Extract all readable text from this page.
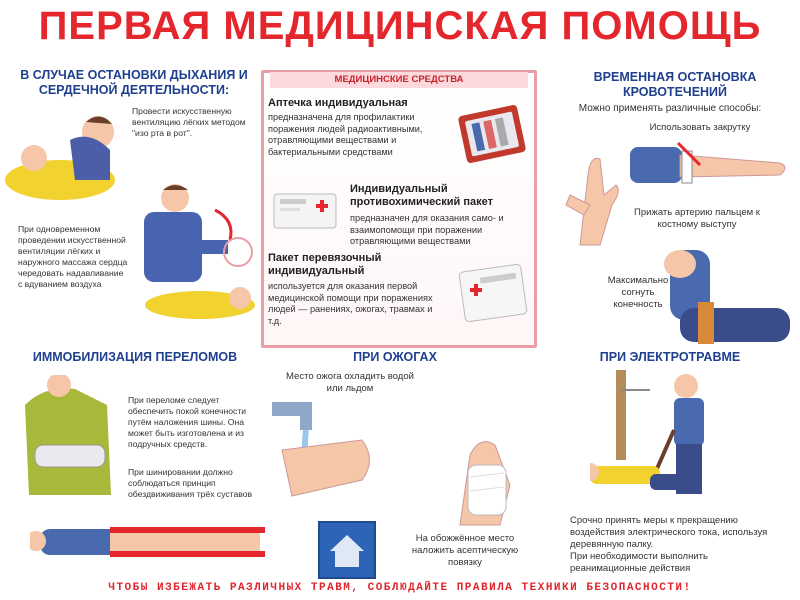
ПЕРВАЯ МЕДИЦИНСКАЯ ПОМОЩЬ
В СЛУЧАЕ ОСТАНОВКИ ДЫХАНИЯ И СЕРДЕЧНОЙ ДЕЯТЕЛЬНОСТИ:
Провести искусственную вентиляцию лёгких методом "изо рта в рот".
При одновременном проведении искусственной вентиляции лёгких и наружного массажа сердца чередовать надавливание с вдуванием воздуха
МЕДИЦИНСКИЕ СРЕДСТВА
Аптечка индивидуальная
предназначена для профилактики поражения людей радиоактивными, отравляющими веществами и бактериальными средствами
Индивидуальный противохимический пакет
предназначен для оказания само- и взаимопомощи при поражении отравляющими веществами
Пакет перевязочный индивидуальный
используется для оказания первой медицинской помощи при поражениях людей — ранениях, ожогах, травмах и т.д.
ВРЕМЕННАЯ ОСТАНОВКА КРОВОТЕЧЕНИЙ
Можно применять различные способы:
Использовать закрутку
Прижать артерию пальцем к костному выступу
Максимально согнуть конечность
ИММОБИЛИЗАЦИЯ ПЕРЕЛОМОВ
При переломе следует обеспечить покой конечности путём наложения шины. Она может быть изготовлена и из подручных средств.
При шинировании должно соблюдаться принцип обездвиживания трёх суставов
ПРИ ОЖОГАХ
Место ожога охладить водой или льдом
На обожжённое место наложить асептическую повязку
ПРИ ЭЛЕКТРОТРАВМЕ
Срочно принять меры к прекращению воздействия электрического тока, используя деревянную палку.
При необходимости выполнить реанимационные действия
ЧТОБЫ ИЗБЕЖАТЬ РАЗЛИЧНЫХ ТРАВМ, СОБЛЮДАЙТЕ ПРАВИЛА ТЕХНИКИ БЕЗОПАСНОСТИ!
